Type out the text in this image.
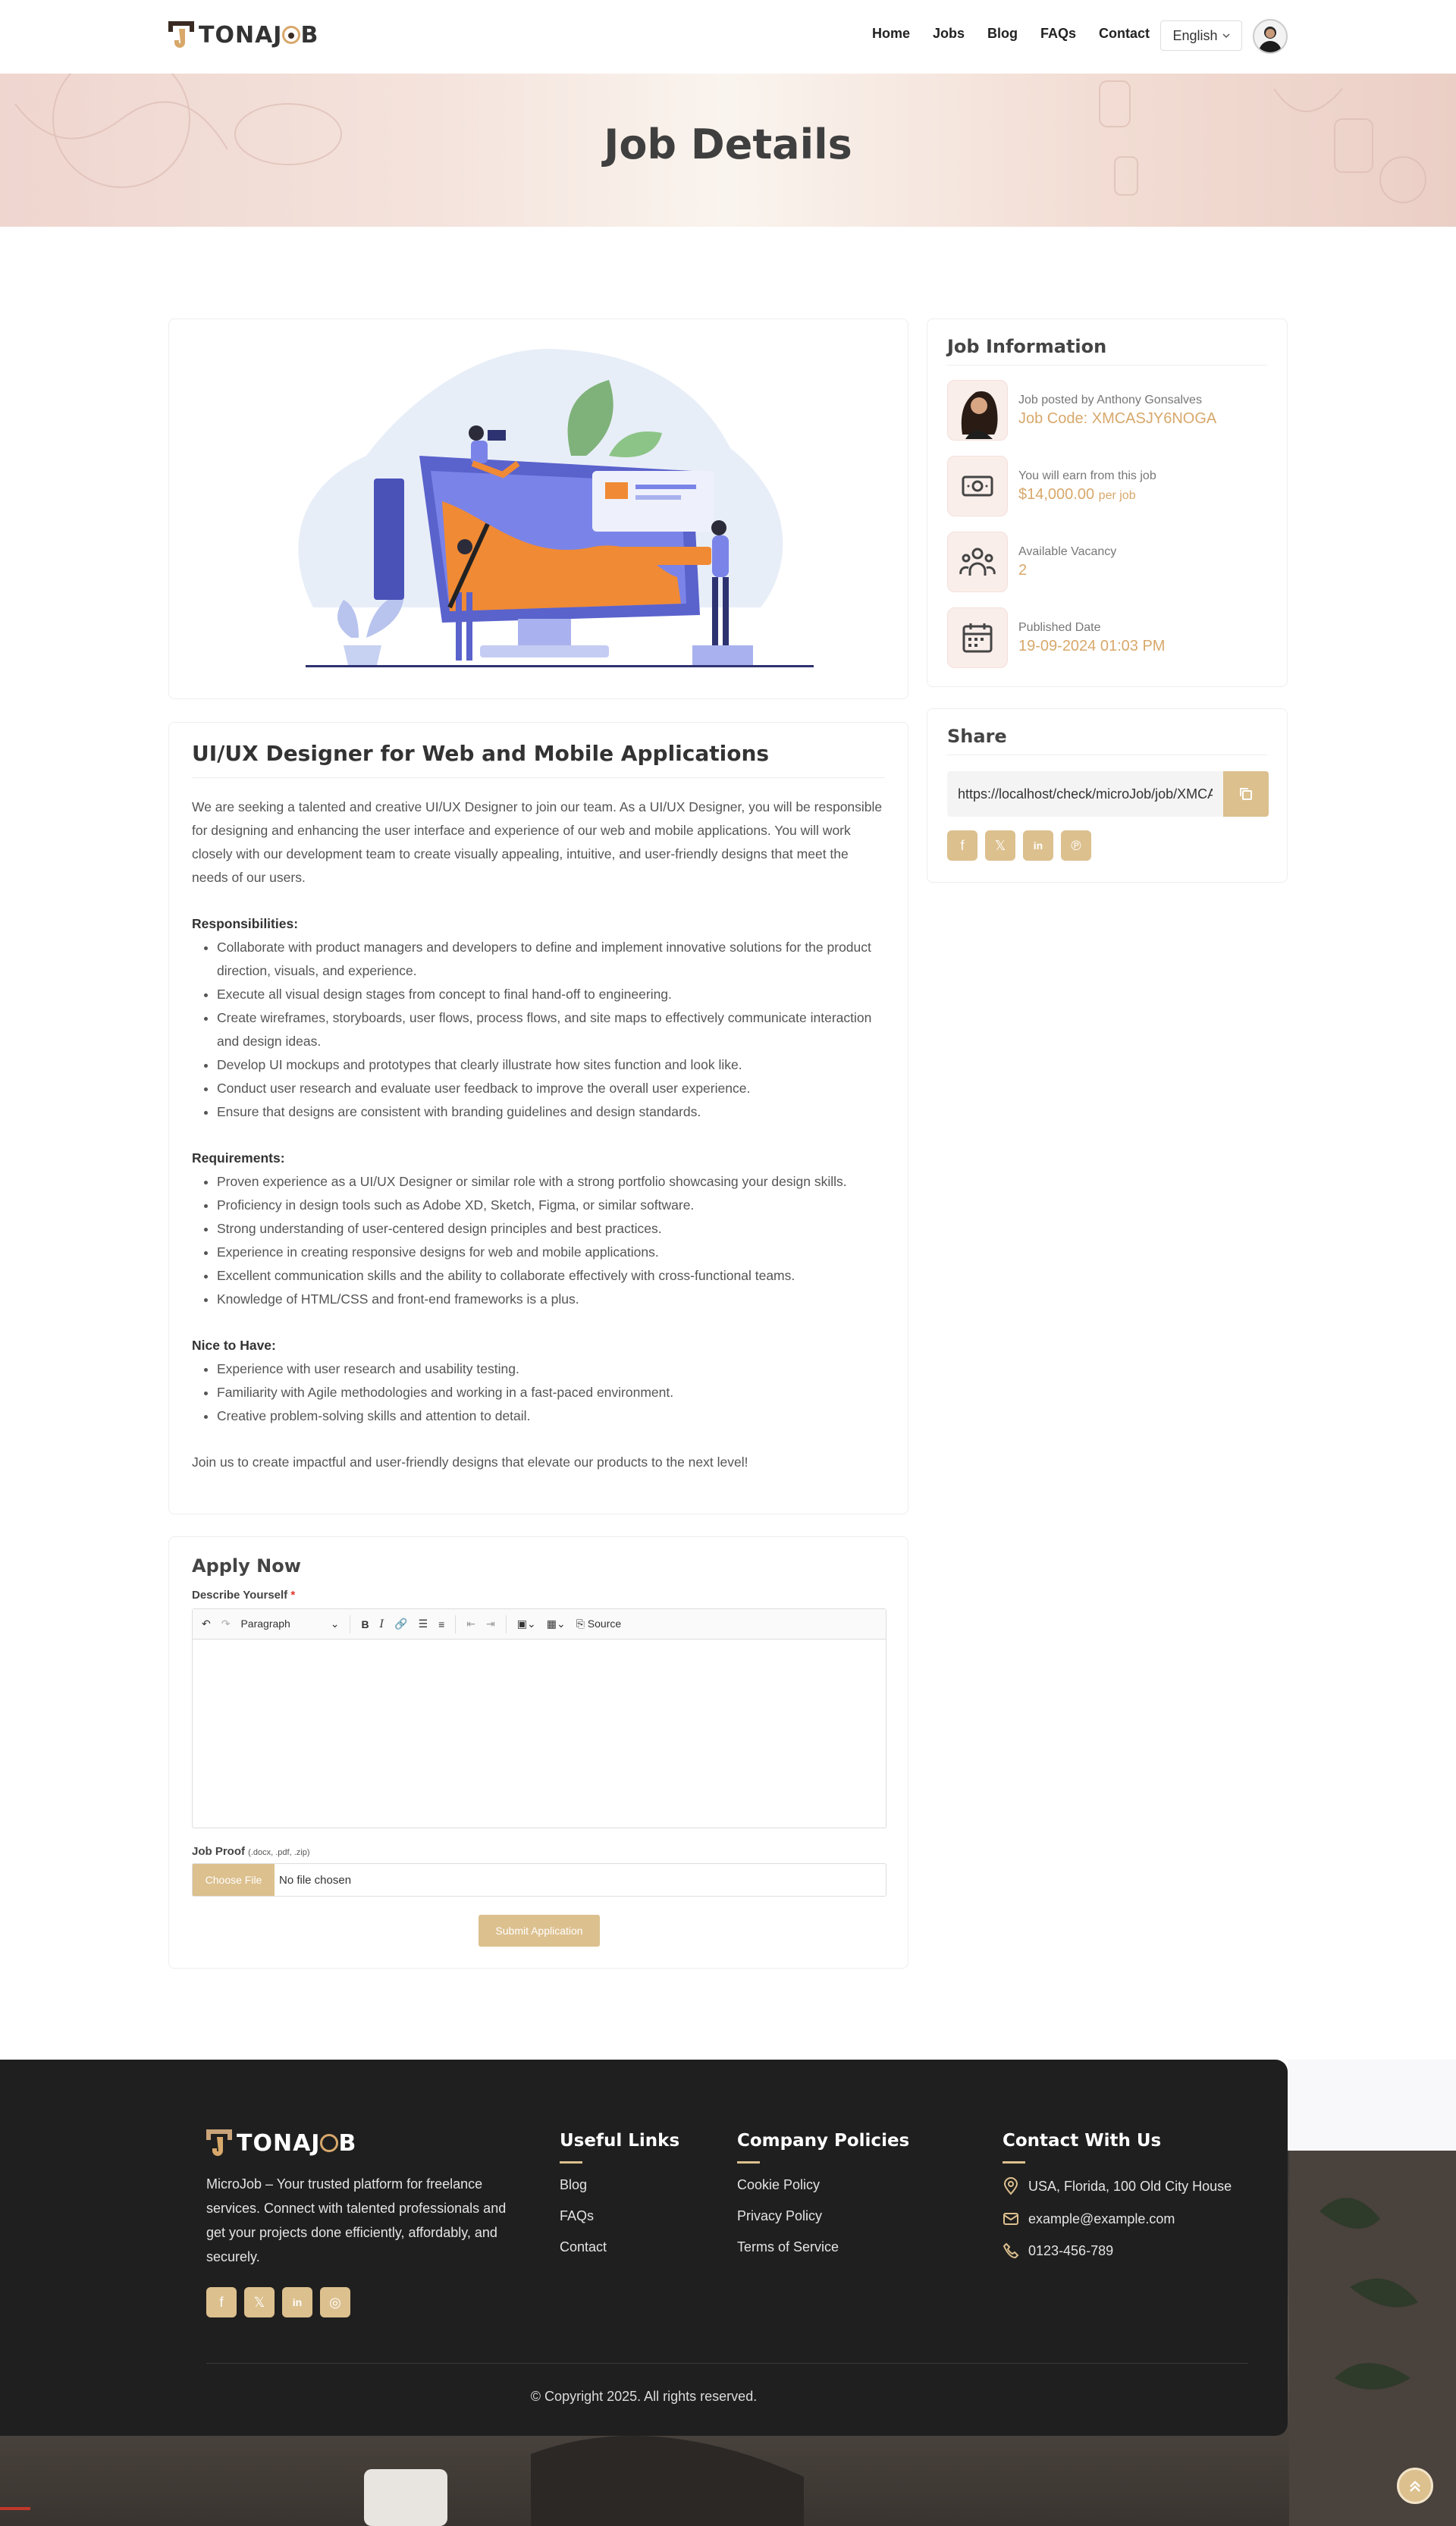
TONAJ B	Home Jobs Blog FAQs Contact English
Job Details
UI/UX Designer for Web and Mobile Applications

We are seeking a talented and creative UI/UX Designer to join our team. As a UI/UX Designer, you will be responsible for designing and enhancing the user interface and experience of our web and mobile applications. You will work closely with our development team to create visually appealing, intuitive, and user-friendly designs that meet the needs of our users.

Responsibilities:
• Collaborate with product managers and developers to define and implement innovative solutions for the product direction, visuals, and experience.
• Execute all visual design stages from concept to final hand-off to engineering.
• Create wireframes, storyboards, user flows, process flows, and site maps to effectively communicate interaction and design ideas.
• Develop UI mockups and prototypes that clearly illustrate how sites function and look like.
• Conduct user research and evaluate user feedback to improve the overall user experience.
• Ensure that designs are consistent with branding guidelines and design standards.
Requirements:
• Proven experience as a UI/UX Designer or similar role with a strong portfolio showcasing your design skills.
• Proficiency in design tools such as Adobe XD, Sketch, Figma, or similar software.
• Strong understanding of user-centered design principles and best practices.
• Experience in creating responsive designs for web and mobile applications.
• Excellent communication skills and the ability to collaborate effectively with cross-functional teams.
• Knowledge of HTML/CSS and front-end frameworks is a plus.
Nice to Have:
• Experience with user research and usability testing.
• Familiarity with Agile methodologies and working in a fast-paced environment.
• Creative problem-solving skills and attention to detail.

Join us to create impactful and user-friendly designs that elevate our products to the next level!

Apply Now
Describe Yourself *
↶ ↷ Paragraph	⌄ B I 🔗 ☰ ≡ ⇤ ⇥ ▣⌄ ▦⌄ ⎘ Source
Job Proof (.docx, .pdf, .zip)
Choose File	No file chosen
Submit Application
Job Information
Job posted by Anthony Gonsalves
Job Code: XMCASJY6NOGA
You will earn from this job
$14,000.00 per job
Available Vacancy
2
Published Date
19-09-2024 01:03 PM
Share
https://localhost/check/microJob/job/XMCASJY6NOGA
f 𝕏	in ℗
TONAJ B

MicroJob – Your trusted platform for freelance services. Connect with talented professionals and get your projects done efficiently, affordably, and securely.

f 𝕏	in ◎
Useful Links
Blog
FAQs
Contact
Company Policies
Cookie Policy
Privacy Policy
Terms of Service
Contact With Us
USA, Florida, 100 Old City House
example@example.com
0123-456-789
© Copyright 2025. All rights reserved.
